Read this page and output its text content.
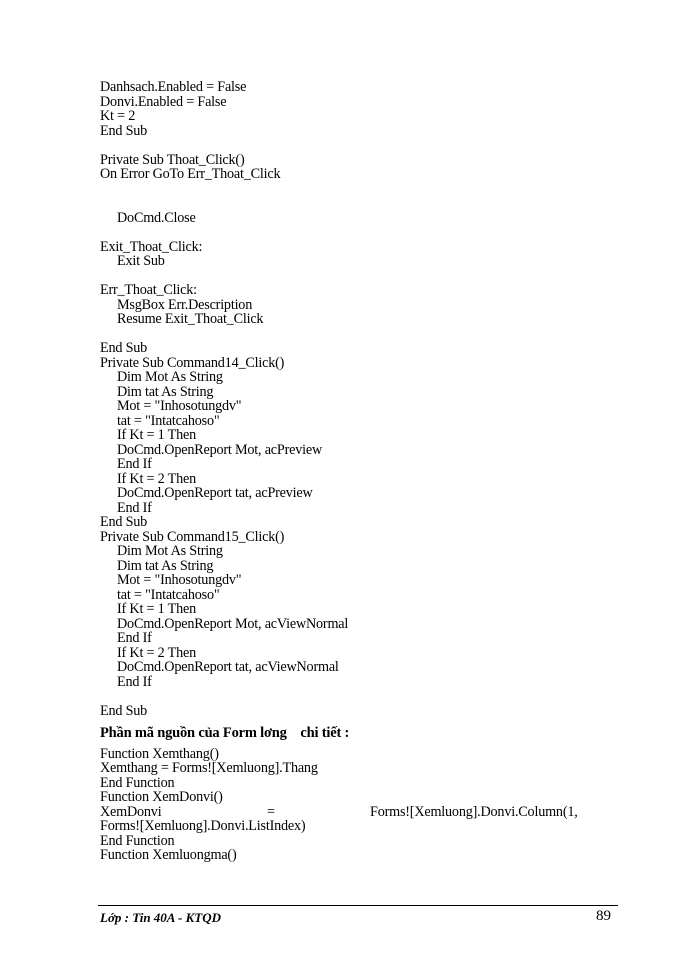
Danhsach.Enabled = False
Donvi.Enabled = False
Kt = 2
End Sub
Private Sub Thoat_Click()
On Error GoTo Err_Thoat_Click
DoCmd.Close
Exit_Thoat_Click:
Exit Sub
Err_Thoat_Click:
MsgBox Err.Description
Resume Exit_Thoat_Click
End Sub
Private Sub Command14_Click()
Dim Mot As String
Dim tat As String
Mot = "Inhosotungdv"
tat = "Intatcahoso"
If Kt = 1 Then
DoCmd.OpenReport Mot, acPreview
End If
If Kt = 2 Then
DoCmd.OpenReport tat, acPreview
End If
End Sub
Private Sub Command15_Click()
Dim Mot As String
Dim tat As String
Mot = "Inhosotungdv"
tat = "Intatcahoso"
If Kt = 1 Then
DoCmd.OpenReport Mot, acViewNormal
End If
If Kt = 2 Then
DoCmd.OpenReport tat, acViewNormal
End If
End Sub
Phần mã nguồn của Form lơng    chi tiết :
Function Xemthang()
Xemthang = Forms![Xemluong].Thang
End Function
Function XemDonvi()
XemDonvi	=	Forms![Xemluong].Donvi.Column(1,
Forms![Xemluong].Donvi.ListIndex)
End Function
Function Xemluongma()
Lớp : Tin 40A - KTQD	89
